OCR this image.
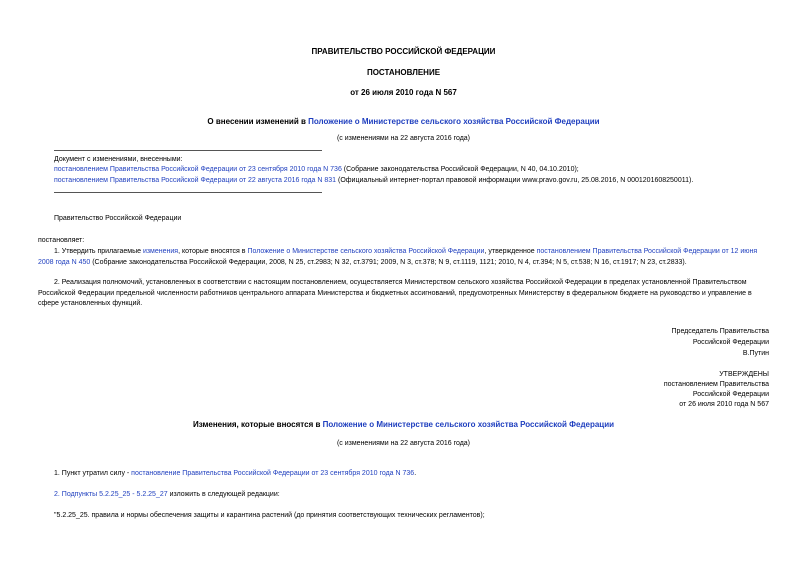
ПРАВИТЕЛЬСТВО РОССИЙСКОЙ ФЕДЕРАЦИИ
ПОСТАНОВЛЕНИЕ
от 26 июля 2010 года N 567
О внесении изменений в Положение о Министерстве сельского хозяйства Российской Федерации
(с изменениями на 22 августа 2016 года)
Документ с изменениями, внесенными:
постановлением Правительства Российской Федерации от 23 сентября 2010 года N 736 (Собрание законодательства Российской Федерации, N 40, 04.10.2010);
постановлением Правительства Российской Федерации от 22 августа 2016 года N 831 (Официальный интернет-портал правовой информации www.pravo.gov.ru, 25.08.2016, N 0001201608250011).
Правительство Российской Федерации
постановляет:
1. Утвердить прилагаемые изменения, которые вносятся в Положение о Министерстве сельского хозяйства Российской Федерации, утвержденное постановлением Правительства Российской Федерации от 12 июня 2008 года N 450 (Собрание законодательства Российской Федерации, 2008, N 25, ст.2983; N 32, ст.3791; 2009, N 3, ст.378; N 9, ст.1119, 1121; 2010, N 4, ст.394; N 5, ст.538; N 16, ст.1917; N 23, ст.2833).
2. Реализация полномочий, установленных в соответствии с настоящим постановлением, осуществляется Министерством сельского хозяйства Российской Федерации в пределах установленной Правительством Российской Федерации предельной численности работников центрального аппарата Министерства и бюджетных ассигнований, предусмотренных Министерству в федеральном бюджете на руководство и управление в сфере установленных функций.
Председатель Правительства
Российской Федерации
В.Путин
УТВЕРЖДЕНЫ
постановлением Правительства
Российской Федерации
от 26 июля 2010 года N 567
Изменения, которые вносятся в Положение о Министерстве сельского хозяйства Российской Федерации
(с изменениями на 22 августа 2016 года)
1. Пункт утратил силу - постановление Правительства Российской Федерации от 23 сентября 2010 года N 736.
2. Подпункты 5.2.25_25 - 5.2.25_27 изложить в следующей редакции:
"5.2.25_25. правила и нормы обеспечения защиты и карантина растений (до принятия соответствующих технических регламентов);
